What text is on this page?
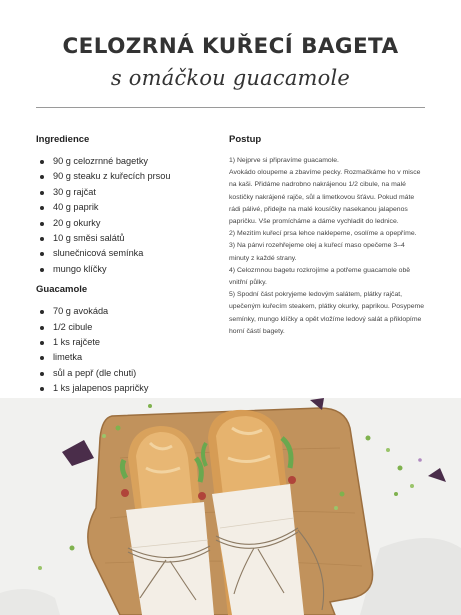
CELOZRNÁ KUŘECÍ BAGETA
s omáčkou guacamole
Ingredience
90 g celozrnné bagetky
90 g steaku z kuřecích prsou
30 g rajčat
40 g paprik
20 g okurky
10 g směsi salátů
slunečnicová semínka
mungo klíčky
Guacamole
70 g avokáda
1/2 cibule
1 ks rajčete
limetka
sůl a pepř (dle chuti)
1 ks jalapenos papričky
Postup

1) Nejprve si připravíme guacamole.

Avokádo oloupeme a zbavíme pecky. Rozmačkáme ho v misce na kaši. Přidáme nadrobno nakrájenou 1/2 cibule, na malé kostičky nakrájené rajče, sůl a limetkovou šťávu. Pokud máte rádi pálivé, přidejte na malé kousíčky nasekanou jalapenos papričku. Vše promícháme a dáme vychladit do lednice.

2) Mezitím kuřecí prsa lehce naklepeme, osolíme a opepříme.

3) Na pánvi rozehřejeme olej a kuřecí maso opečeme 3–4 minuty z každé strany.

4) Celozrnnou bagetu rozkrojíme a potřeme guacamole obě vnitřní půlky.

5) Spodní část pokryjeme ledovým salátem, plátky rajčat, upečeným kuřecím steakem, plátky okurky, paprikou. Posypeme semínky, mungo klíčky a opět vložíme ledový salát a přiklopíme horní částí bagety.
